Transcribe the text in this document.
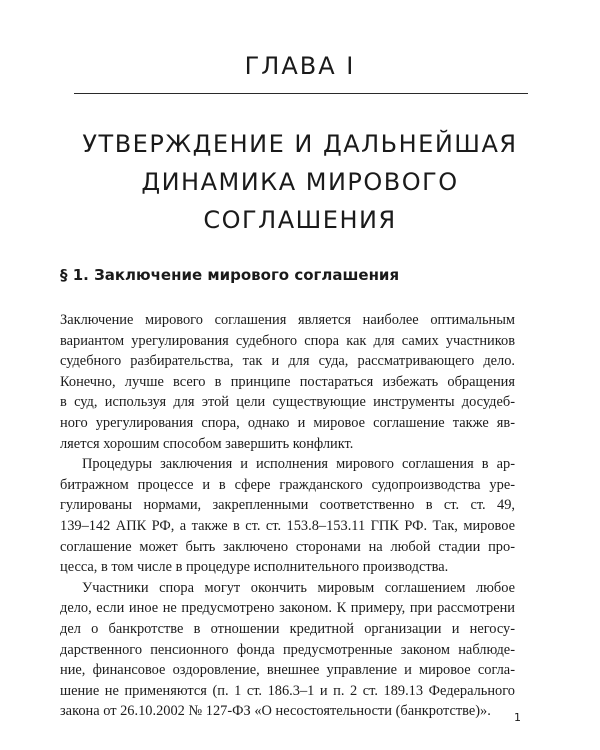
ГЛАВА I
УТВЕРЖДЕНИЕ И ДАЛЬНЕЙШАЯ
ДИНАМИКА МИРОВОГО
СОГЛАШЕНИЯ
§ 1. Заключение мирового соглашения
Заключение мирового соглашения является наиболее оптимальным
вариантом урегулирования судебного спора как для самих участников
судебного разбирательства, так и для суда, рассматривающего дело.
Конечно, лучше всего в принципе постараться избежать обращения
в суд, используя для этой цели существующие инструменты досудеб-
ного урегулирования спора, однако и мировое соглашение также яв-
ляется хорошим способом завершить конфликт.
Процедуры заключения и исполнения мирового соглашения в ар-
битражном процессе и в сфере гражданского судопроизводства уре-
гулированы нормами, закрепленными соответственно в ст. ст. 49,
139–142 АПК РФ, а также в ст. ст. 153.8–153.11 ГПК РФ. Так, мировое
соглашение может быть заключено сторонами на любой стадии про-
цесса, в том числе в процедуре исполнительного производства.
Участники спора могут окончить мировым соглашением любое
дело, если иное не предусмотрено законом. К примеру, при рассмотрени
дел о банкротстве в отношении кредитной организации и негосу-
дарственного пенсионного фонда предусмотренные законом наблюде-
ние, финансовое оздоровление, внешнее управление и мировое согла-
шение не применяются (п. 1 ст. 186.3–1 и п. 2 ст. 189.13 Федерального
закона от 26.10.2002 № 127-ФЗ «О несостоятельности (банкротстве)».	1
